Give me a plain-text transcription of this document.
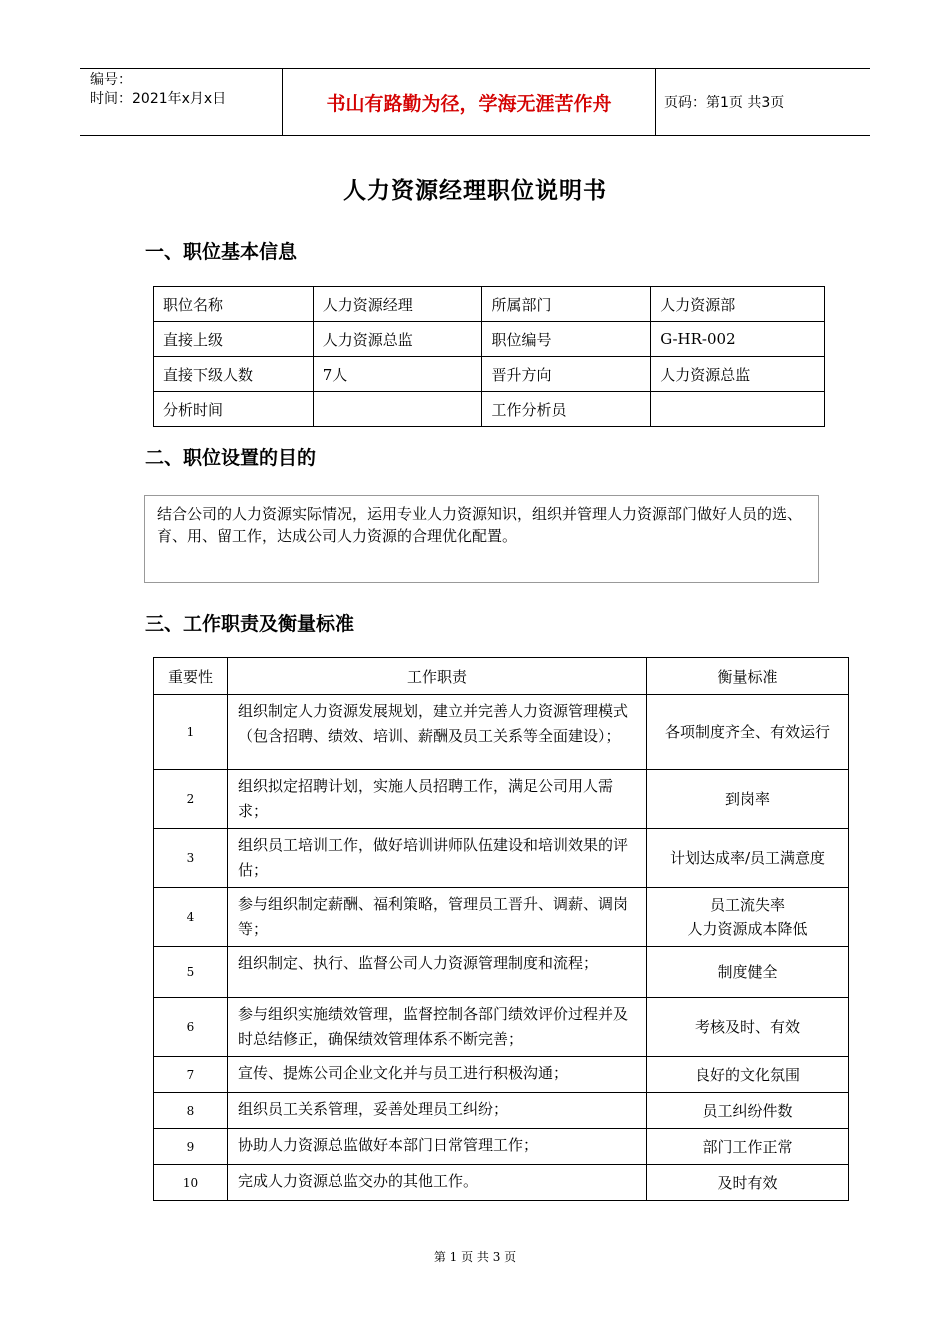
编号：
时间：2021年x月x日	书山有路勤为径，学海无涯苦作舟	页码：第1页 共3页
人力资源经理职位说明书
一、职位基本信息
职位名称	人力资源经理	所属部门	人力资源部
直接上级	人力资源总监	职位编号	G-HR-002
直接下级人数	7人	晋升方向	人力资源总监
分析时间		工作分析员	
二、职位设置的目的
结合公司的人力资源实际情况，运用专业人力资源知识，组织并管理人力资源部门做好人员的选、育、用、留工作，达成公司人力资源的合理优化配置。
三、工作职责及衡量标准
重要性	工作职责	衡量标准
1	组织制定人力资源发展规划，建立并完善人力资源管理模式（包含招聘、绩效、培训、薪酬及员工关系等全面建设）；	各项制度齐全、有效运行
2	组织拟定招聘计划，实施人员招聘工作，满足公司用人需求；	到岗率
3	组织员工培训工作，做好培训讲师队伍建设和培训效果的评估；	计划达成率/员工满意度
4	参与组织制定薪酬、福利策略，管理员工晋升、调薪、调岗等；	员工流失率
人力资源成本降低
5	组织制定、执行、监督公司人力资源管理制度和流程；	制度健全
6	参与组织实施绩效管理，监督控制各部门绩效评价过程并及时总结修正，确保绩效管理体系不断完善；	考核及时、有效
7	宣传、提炼公司企业文化并与员工进行积极沟通；	良好的文化氛围
8	组织员工关系管理，妥善处理员工纠纷；	员工纠纷件数
9	协助人力资源总监做好本部门日常管理工作；	部门工作正常
10	完成人力资源总监交办的其他工作。	及时有效
第 1 页 共 3 页
